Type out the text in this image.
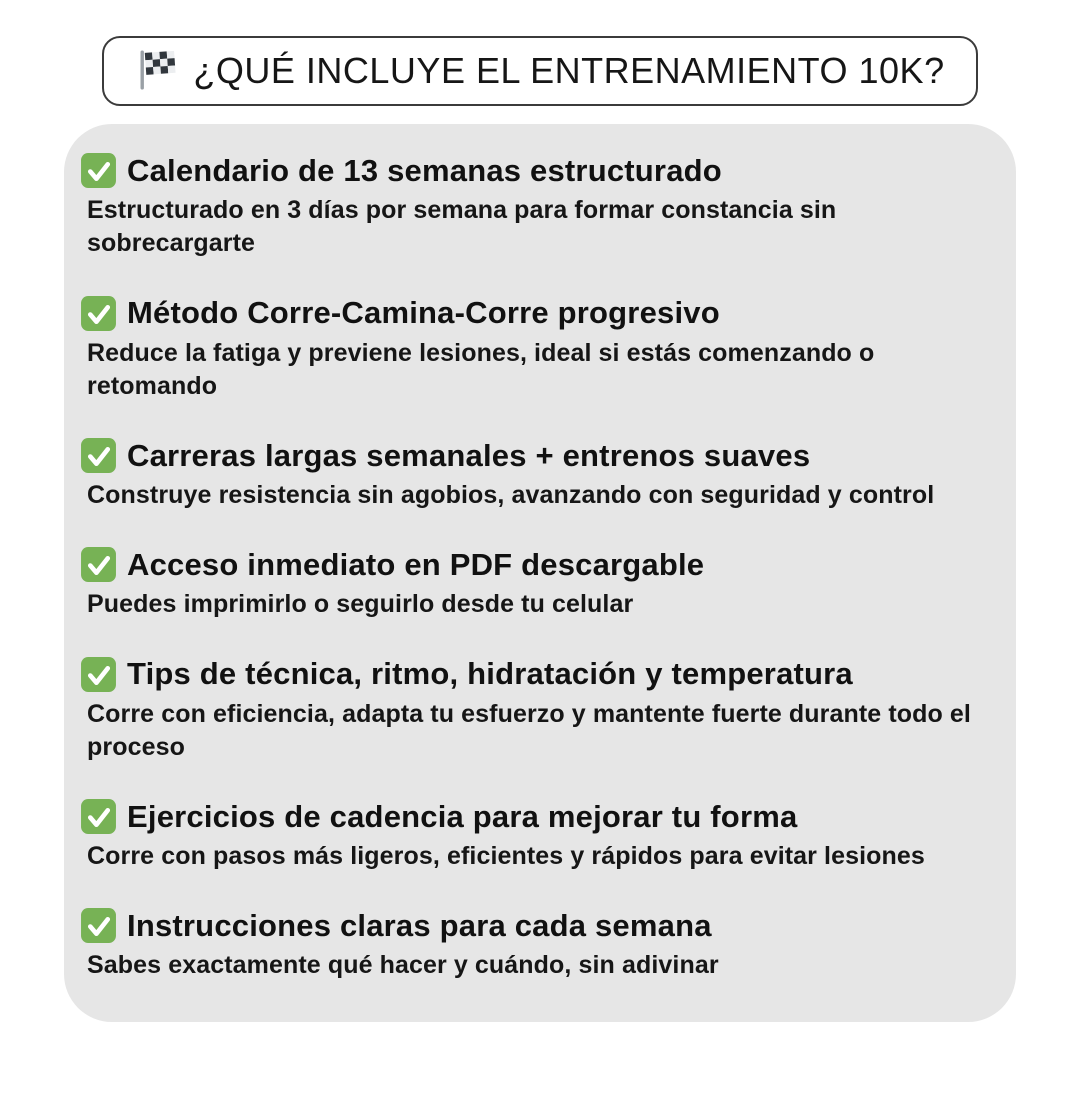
¿QUÉ INCLUYE EL ENTRENAMIENTO 10K?
Calendario de 13 semanas estructurado
Estructurado en 3 días por semana para formar constancia sin sobrecargarte
Método Corre-Camina-Corre progresivo
Reduce la fatiga y previene lesiones, ideal si estás comenzando o retomando
Carreras largas semanales + entrenos suaves
Construye resistencia sin agobios, avanzando con seguridad y control
Acceso inmediato en PDF descargable
Puedes imprimirlo o seguirlo desde tu celular
Tips de técnica, ritmo, hidratación y temperatura
Corre con eficiencia, adapta tu esfuerzo y mantente fuerte durante todo el proceso
Ejercicios de cadencia para mejorar tu forma
Corre con pasos más ligeros, eficientes y rápidos para evitar lesiones
Instrucciones claras para cada semana
Sabes exactamente qué hacer y cuándo, sin adivinar
